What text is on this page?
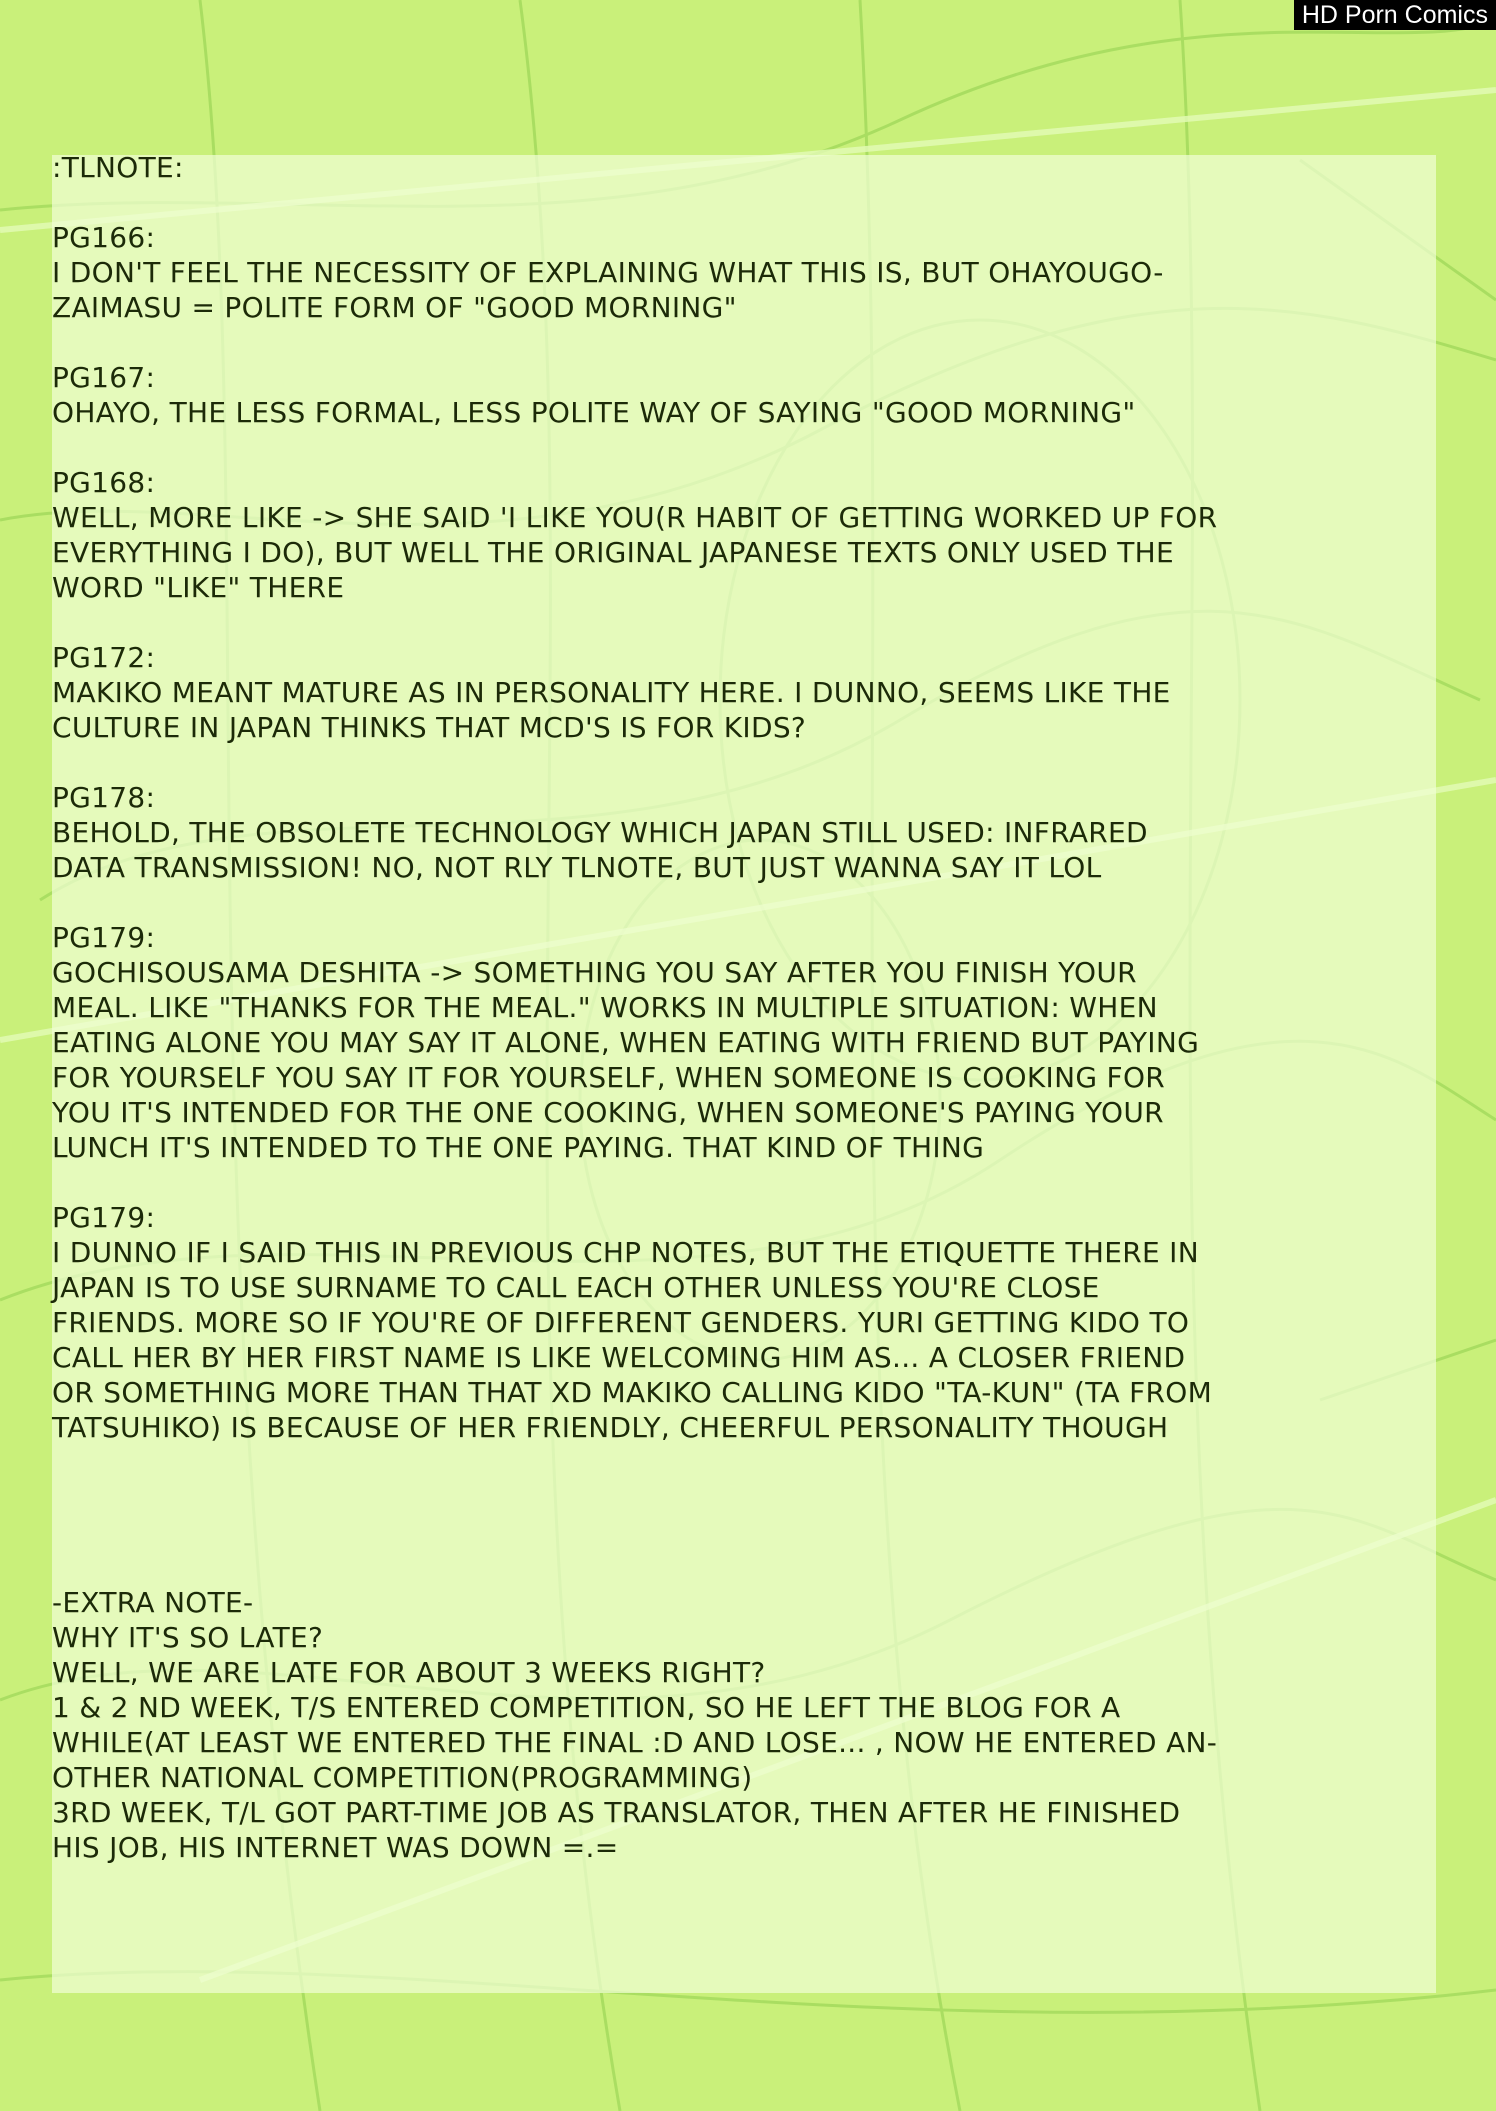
HD Porn Comics

:TLNOTE:

PG166:

I DON'T FEEL THE NECESSITY OF EXPLAINING WHAT THIS IS, BUT OHAYOUGO-
ZAIMASU = POLITE FORM OF "GOOD MORNING"

PG167:

OHAYO, THE LESS FORMAL, LESS POLITE WAY OF SAYING "GOOD MORNING"

PG168:

WELL, MORE LIKE -> SHE SAID 'I LIKE YOU(R HABIT OF GETTING WORKED UP FOR
EVERYTHING I DO), BUT WELL THE ORIGINAL JAPANESE TEXTS ONLY USED THE
WORD "LIKE" THERE

PG172:

MAKIKO MEANT MATURE AS IN PERSONALITY HERE. I DUNNO, SEEMS LIKE THE
CULTURE IN JAPAN THINKS THAT MCD'S IS FOR KIDS?

PG178:

BEHOLD, THE OBSOLETE TECHNOLOGY WHICH JAPAN STILL USED: INFRARED
DATA TRANSMISSION! NO, NOT RLY TLNOTE, BUT JUST WANNA SAY IT LOL

PG179:

GOCHISOUSAMA DESHITA -> SOMETHING YOU SAY AFTER YOU FINISH YOUR
MEAL. LIKE "THANKS FOR THE MEAL." WORKS IN MULTIPLE SITUATION: WHEN
EATING ALONE YOU MAY SAY IT ALONE, WHEN EATING WITH FRIEND BUT PAYING
FOR YOURSELF YOU SAY IT FOR YOURSELF, WHEN SOMEONE IS COOKING FOR
YOU IT'S INTENDED FOR THE ONE COOKING, WHEN SOMEONE'S PAYING YOUR
LUNCH IT'S INTENDED TO THE ONE PAYING. THAT KIND OF THING

PG179:

I DUNNO IF I SAID THIS IN PREVIOUS CHP NOTES, BUT THE ETIQUETTE THERE IN
JAPAN IS TO USE SURNAME TO CALL EACH OTHER UNLESS YOU'RE CLOSE
FRIENDS. MORE SO IF YOU'RE OF DIFFERENT GENDERS. YURI GETTING KIDO TO
CALL HER BY HER FIRST NAME IS LIKE WELCOMING HIM AS... A CLOSER FRIEND
OR SOMETHING MORE THAN THAT XD MAKIKO CALLING KIDO "TA-KUN" (TA FROM
TATSUHIKO) IS BECAUSE OF HER FRIENDLY, CHEERFUL PERSONALITY THOUGH

-EXTRA NOTE-

WHY IT'S SO LATE?
WELL, WE ARE LATE FOR ABOUT 3 WEEKS RIGHT?
1 & 2 ND WEEK, T/S ENTERED COMPETITION, SO HE LEFT THE BLOG FOR A
WHILE(AT LEAST WE ENTERED THE FINAL :D AND LOSE... , NOW HE ENTERED AN-
OTHER NATIONAL COMPETITION(PROGRAMMING)
3RD WEEK, T/L GOT PART-TIME JOB AS TRANSLATOR, THEN AFTER HE FINISHED
HIS JOB, HIS INTERNET WAS DOWN =.=
